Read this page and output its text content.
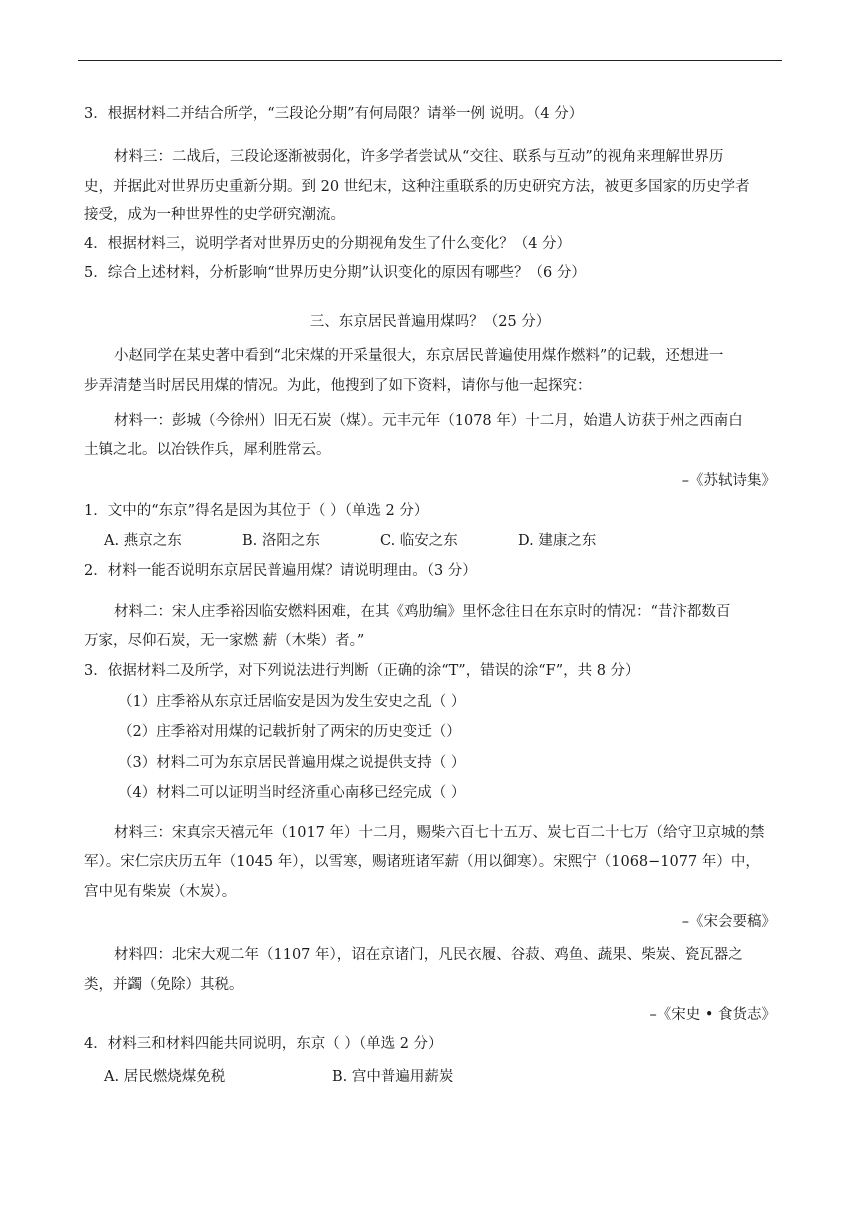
3．根据材料二并结合所学，“三段论分期”有何局限？请举一例 说明。（4 分）
材料三：二战后，三段论逐渐被弱化，许多学者尝试从“交往、联系与互动”的视角来理解世界历
史，并据此对世界历史重新分期。到 20 世纪末，这种注重联系的历史研究方法，被更多国家的历史学者
接受，成为一种世界性的史学研究潮流。
4．根据材料三，说明学者对世界历史的分期视角发生了什么变化？（4 分）
5．综合上述材料，分析影响“世界历史分期”认识变化的原因有哪些？（6 分）
三、东京居民普遍用煤吗？（25 分）
小赵同学在某史著中看到“北宋煤的开采量很大，东京居民普遍使用煤作燃料”的记载，还想进一
步弄清楚当时居民用煤的情况。为此，他搜到了如下资料，请你与他一起探究：
材料一：彭城（今徐州）旧无石炭（煤）。元丰元年（1078 年）十二月，始遣人访获于州之西南白
土镇之北。以冶铁作兵，犀利胜常云。
–《苏轼诗集》
1．文中的“东京”得名是因为其位于（ ）（单选 2 分）
A. 燕京之东	B. 洛阳之东	C. 临安之东	D. 建康之东
2．材料一能否说明东京居民普遍用煤？请说明理由。（3 分）
材料二：宋人庄季裕因临安燃料困难，在其《鸡肋编》里怀念往日在东京时的情况：“昔汴都数百
万家，尽仰石炭，无一家燃 薪（木柴）者。”
3．依据材料二及所学，对下列说法进行判断（正确的涂“T”，错误的涂“F”，共 8 分）
（1）庄季裕从东京迁居临安是因为发生安史之乱（ ）
（2）庄季裕对用煤的记载折射了两宋的历史变迁（）
（3）材料二可为东京居民普遍用煤之说提供支持（ ）
（4）材料二可以证明当时经济重心南移已经完成（ ）
材料三：宋真宗天禧元年（1017 年）十二月，赐柴六百七十五万、炭七百二十七万（给守卫京城的禁
军）。宋仁宗庆历五年（1045 年），以雪寒，赐诸班诸军薪（用以御寒）。宋熙宁（1068−1077 年）中，
宫中见有柴炭（木炭）。
–《宋会要稿》
材料四：北宋大观二年（1107 年），诏在京诸门，凡民衣履、谷菽、鸡鱼、蔬果、柴炭、瓷瓦器之
类，并蠲（免除）其税。
–《宋史 • 食货志》
4．材料三和材料四能共同说明，东京（ ）（单选 2 分）
A. 居民燃烧煤免税	B. 宫中普遍用薪炭
